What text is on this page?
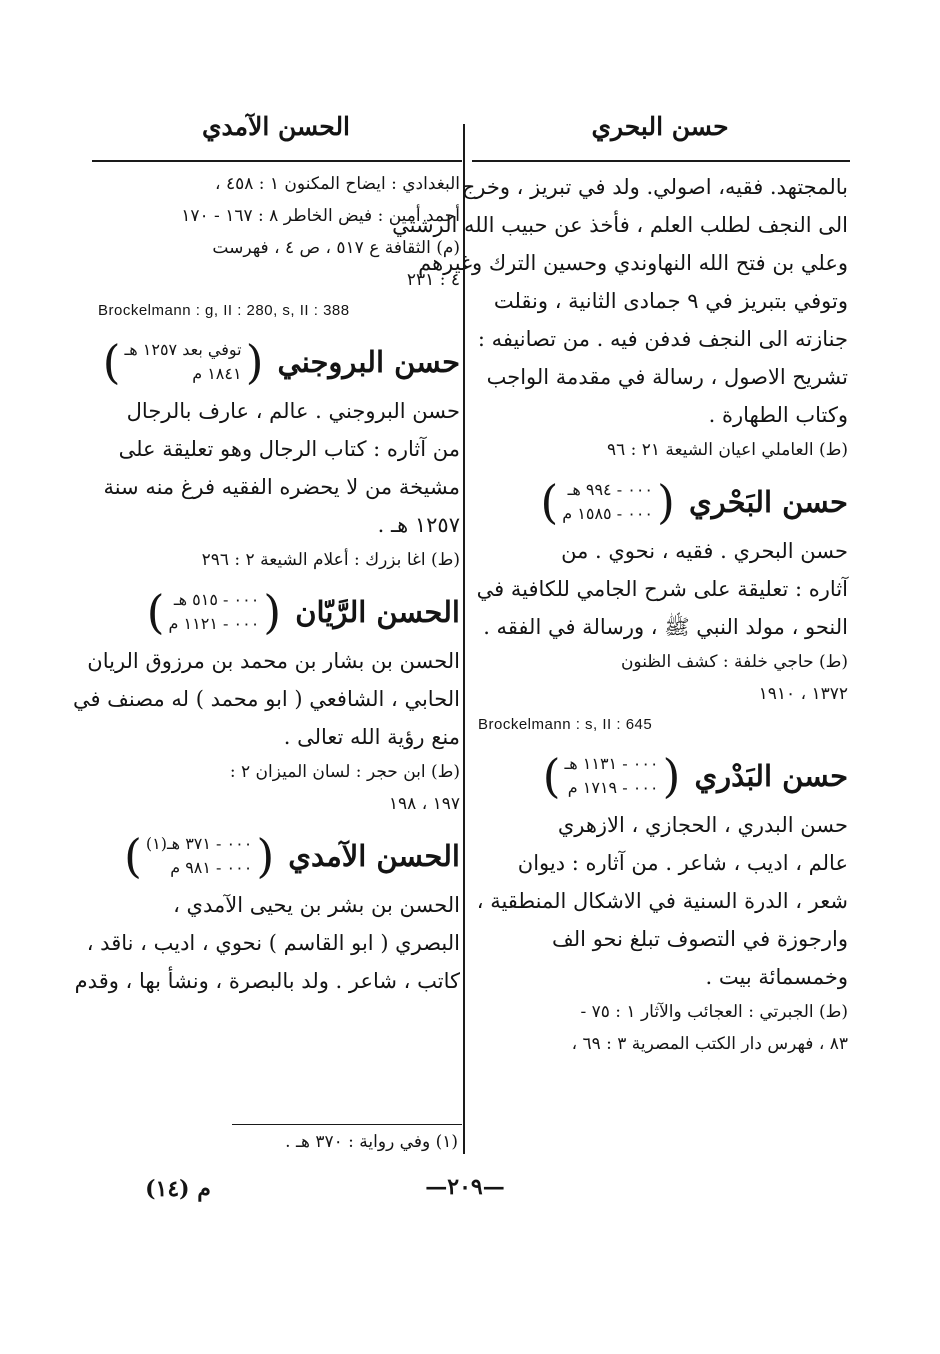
حسن البحري
الحسن الآمدي
بالمجتهد. فقيه، اصولي. ولد في تبريز ، وخرج
الى النجف لطلب العلم ، فأخذ عن حبيب الله الرشتي
وعلي بن فتح الله النهاوندي وحسين الترك وغيرهم
وتوفي بتبريز في ٩ جمادى الثانية ، ونقلت
جنازته الى النجف فدفن فيه . من تصانيفه :
تشريح الاصول ، رسالة في مقدمة الواجب
وكتاب الطهارة .
(ط) العاملي اعيان الشيعة ٢١ : ٩٦
حسن البَحْري
(
٠٠٠ - ٩٩٤ هـ
٠٠٠ - ١٥٨٥ م
)
حسن البحري . فقيه ، نحوي . من
آثاره : تعليقة على شرح الجامي للكافية في
النحو ، مولد النبي ﷺ ، ورسالة في الفقه .
(ط) حاجي خلفة : كشف الظنون
١٣٧٢ ، ١٩١٠
Brockelmann : s, II : 645
حسن البَدْري
(
٠٠٠ - ١١٣١ هـ
٠٠٠ - ١٧١٩ م
)
حسن البدري ، الحجازي ، الازهري
عالم ، اديب ، شاعر . من آثاره : ديوان
شعر ، الدرة السنية في الاشكال المنطقية ،
وارجوزة في التصوف تبلغ نحو الف
وخمسمائة بيت .
(ط) الجبرتي : العجائب والآثار ١ : ٧٥ -
٨٣ ، فهرس دار الكتب المصرية ٣ : ٦٩ ،
البغدادي : ايضاح المكنون ١ : ٤٥٨ ،
أحمد أمين : فيض الخاطر ٨ : ١٦٧ - ١٧٠
(م) الثقافة ع ٥١٧ ، ص ٤ ، فهرست
٤ : ٢٣١
Brockelmann : g, II : 280, s, II : 388
حسن البروجني
(
توفي بعد ١٢٥٧ هـ
١٨٤١ م
)
حسن البروجني . عالم ، عارف بالرجال
من آثاره : كتاب الرجال وهو تعليقة على
مشيخة من لا يحضره الفقيه فرغ منه سنة
١٢٥٧ هـ .
(ط) اغا بزرك : أعلام الشيعة ٢ : ٢٩٦
الحسن الرَّيّان
(
٠٠٠ - ٥١٥ هـ
٠٠٠ - ١١٢١ م
)
الحسن بن بشار بن محمد بن مرزوق الريان
الحابي ، الشافعي ( ابو محمد ) له مصنف في
منع رؤية الله تعالى .
(ط) ابن حجر : لسان الميزان ٢ :
١٩٧ ، ١٩٨
الحسن الآمدي
(
٠٠٠ - ٣٧١ هـ(١)
٠٠٠ - ٩٨١ م
)
الحسن بن بشر بن يحيى الآمدي ،
البصري ( ابو القاسم ) نحوي ، اديب ، ناقد ،
كاتب ، شاعر . ولد بالبصرة ، ونشأ بها ، وقدم
(١) وفي رواية : ٣٧٠ هـ .
—٢٠٩—
م (١٤)
